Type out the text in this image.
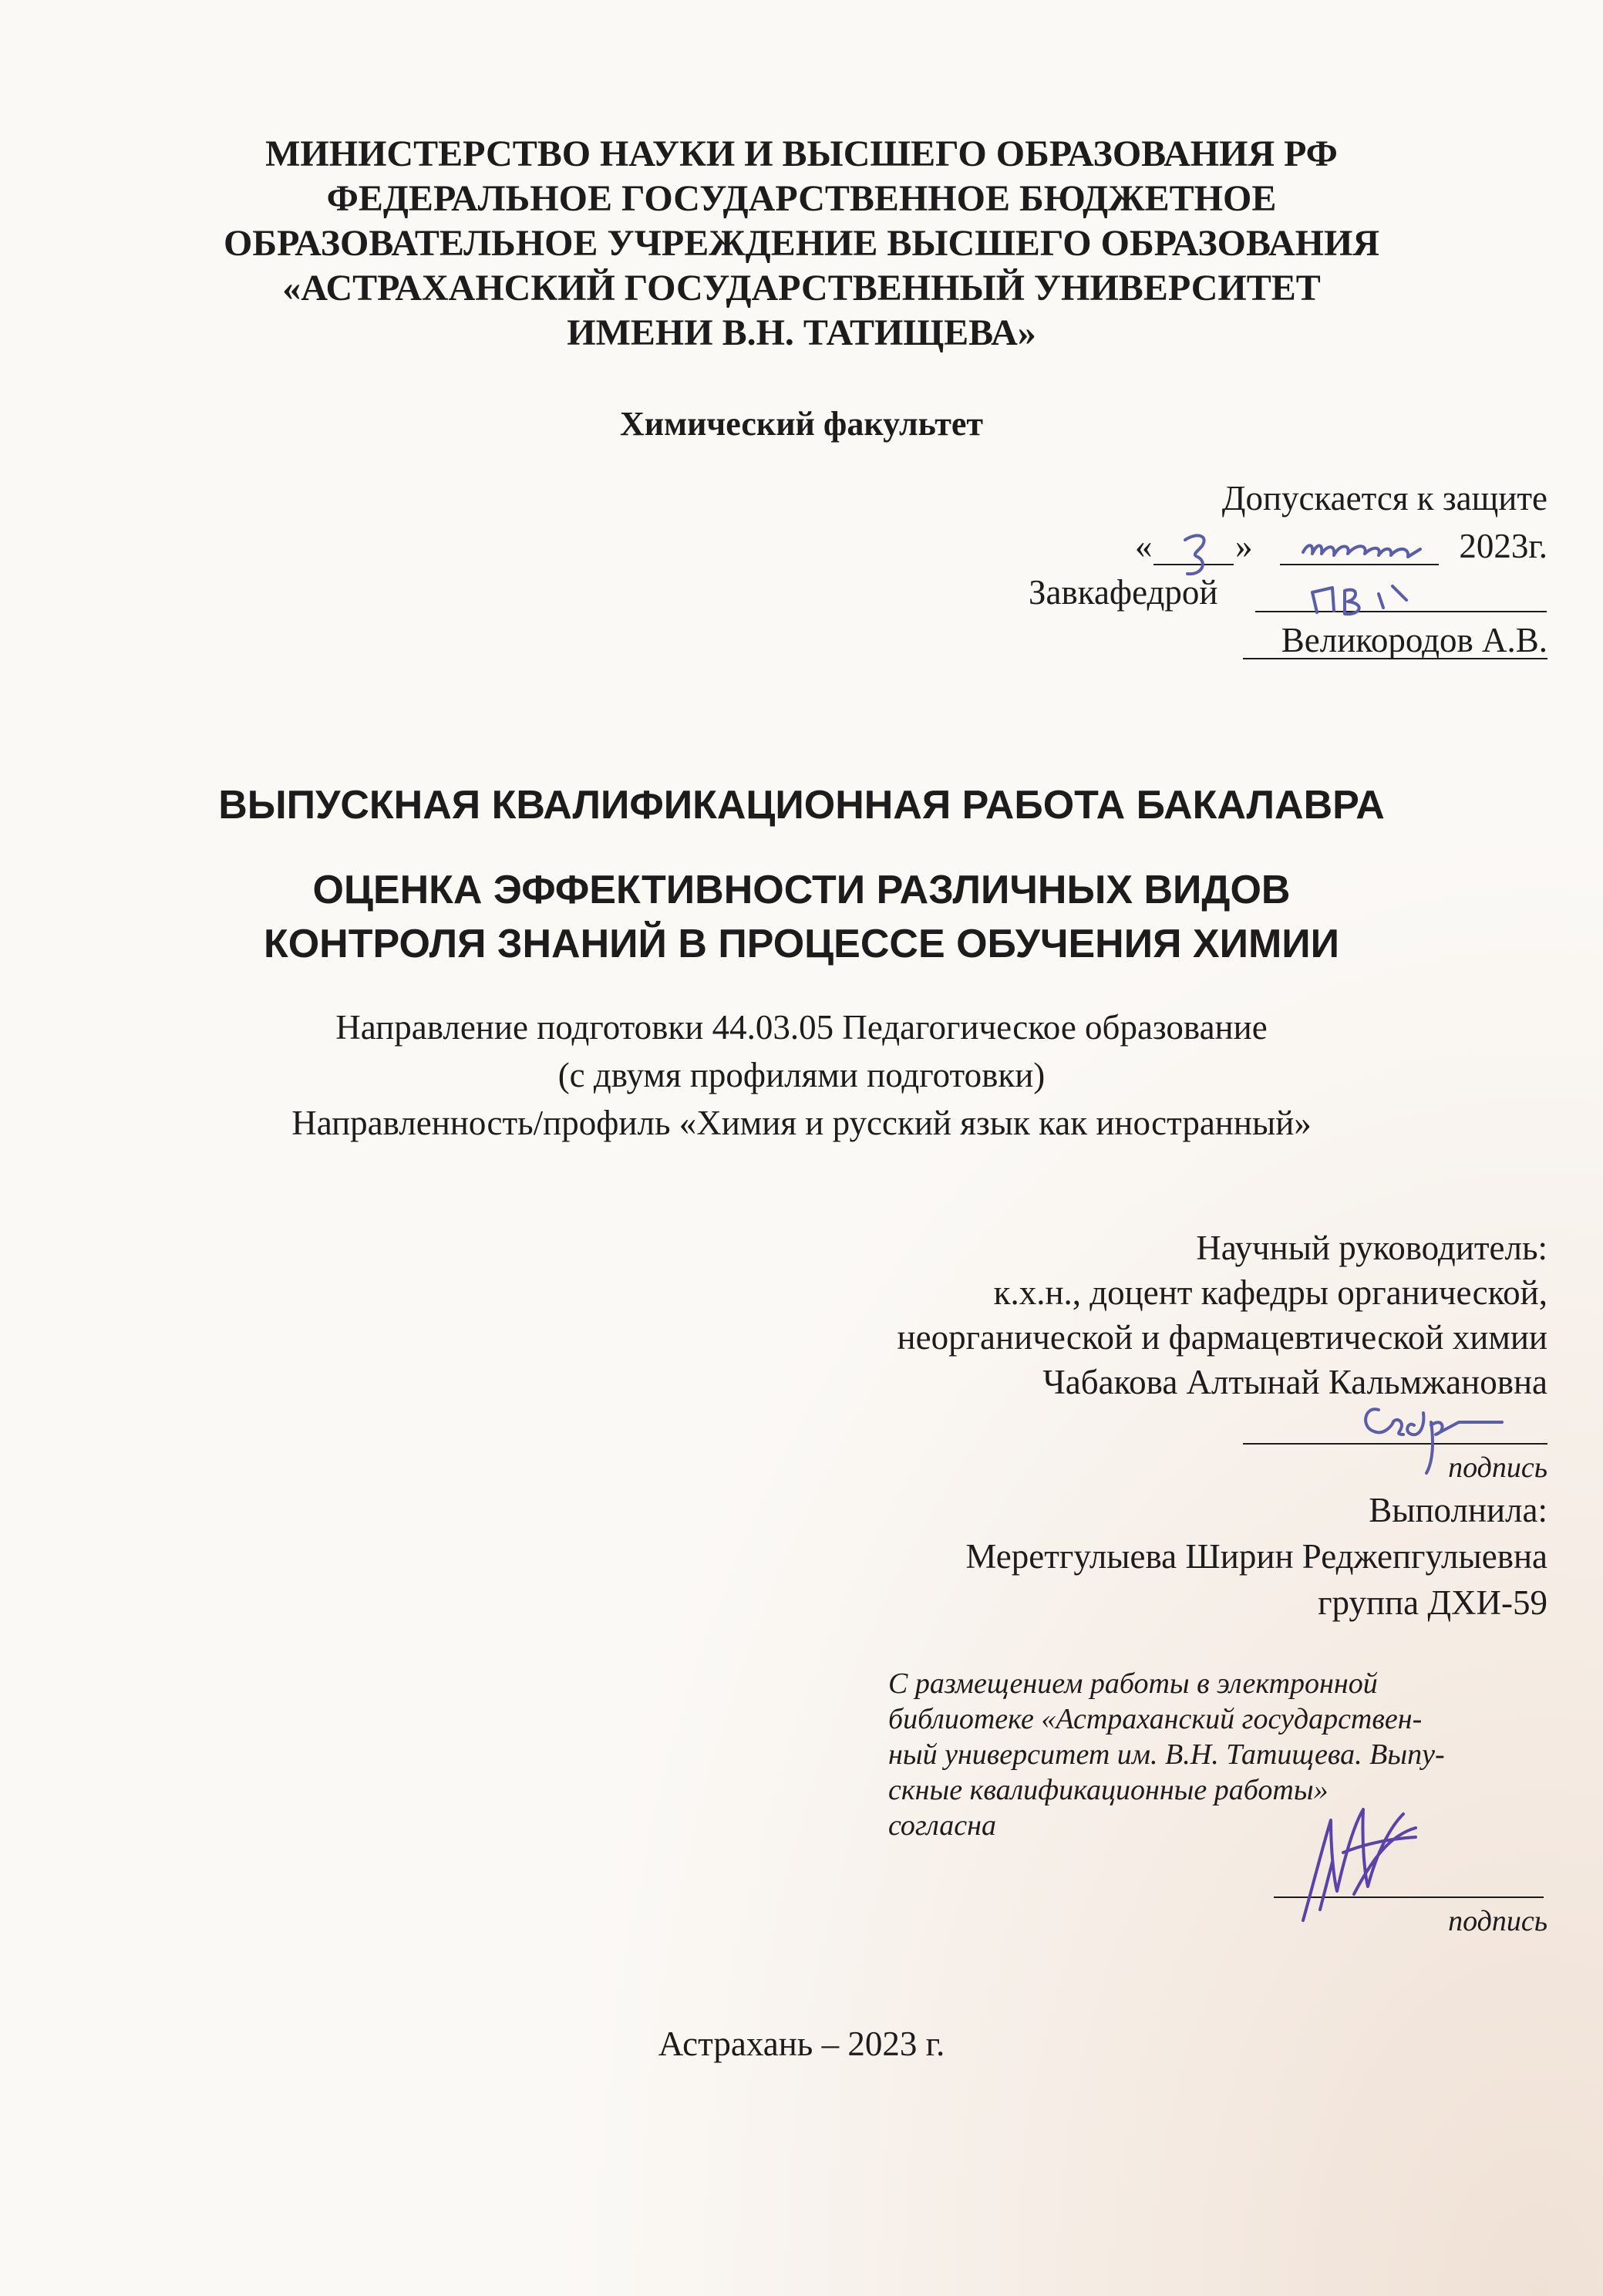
МИНИСТЕРСТВО НАУКИ И ВЫСШЕГО ОБРАЗОВАНИЯ РФ
ФЕДЕРАЛЬНОЕ ГОСУДАРСТВЕННОЕ БЮДЖЕТНОЕ
ОБРАЗОВАТЕЛЬНОЕ УЧРЕЖДЕНИЕ ВЫСШЕГО ОБРАЗОВАНИЯ
«АСТРАХАНСКИЙ ГОСУДАРСТВЕННЫЙ УНИВЕРСИТЕТ
ИМЕНИ В.Н. ТАТИЩЕВА»
Химический факультет
Допускается к защите
« »	2023г.
Завкафедрой
Великородов А.В.
ВЫПУСКНАЯ КВАЛИФИКАЦИОННАЯ РАБОТА БАКАЛАВРА
ОЦЕНКА ЭФФЕКТИВНОСТИ РАЗЛИЧНЫХ ВИДОВ
КОНТРОЛЯ ЗНАНИЙ В ПРОЦЕССЕ ОБУЧЕНИЯ ХИМИИ
Направление подготовки 44.03.05 Педагогическое образование
(с двумя профилями подготовки)
Направленность/профиль «Химия и русский язык как иностранный»
Научный руководитель:
к.х.н., доцент кафедры органической,
неорганической и фармацевтической химии
Чабакова Алтынай Кальмжановна
подпись
Выполнила:
Меретгулыева Ширин Реджепгулыевна
группа ДХИ-59
С размещением работы в электронной
библиотеке «Астраханский государствен-
ный университет им. В.Н. Татищева. Выпу-
скные квалификационные работы»
согласна
подпись
Астрахань – 2023 г.
